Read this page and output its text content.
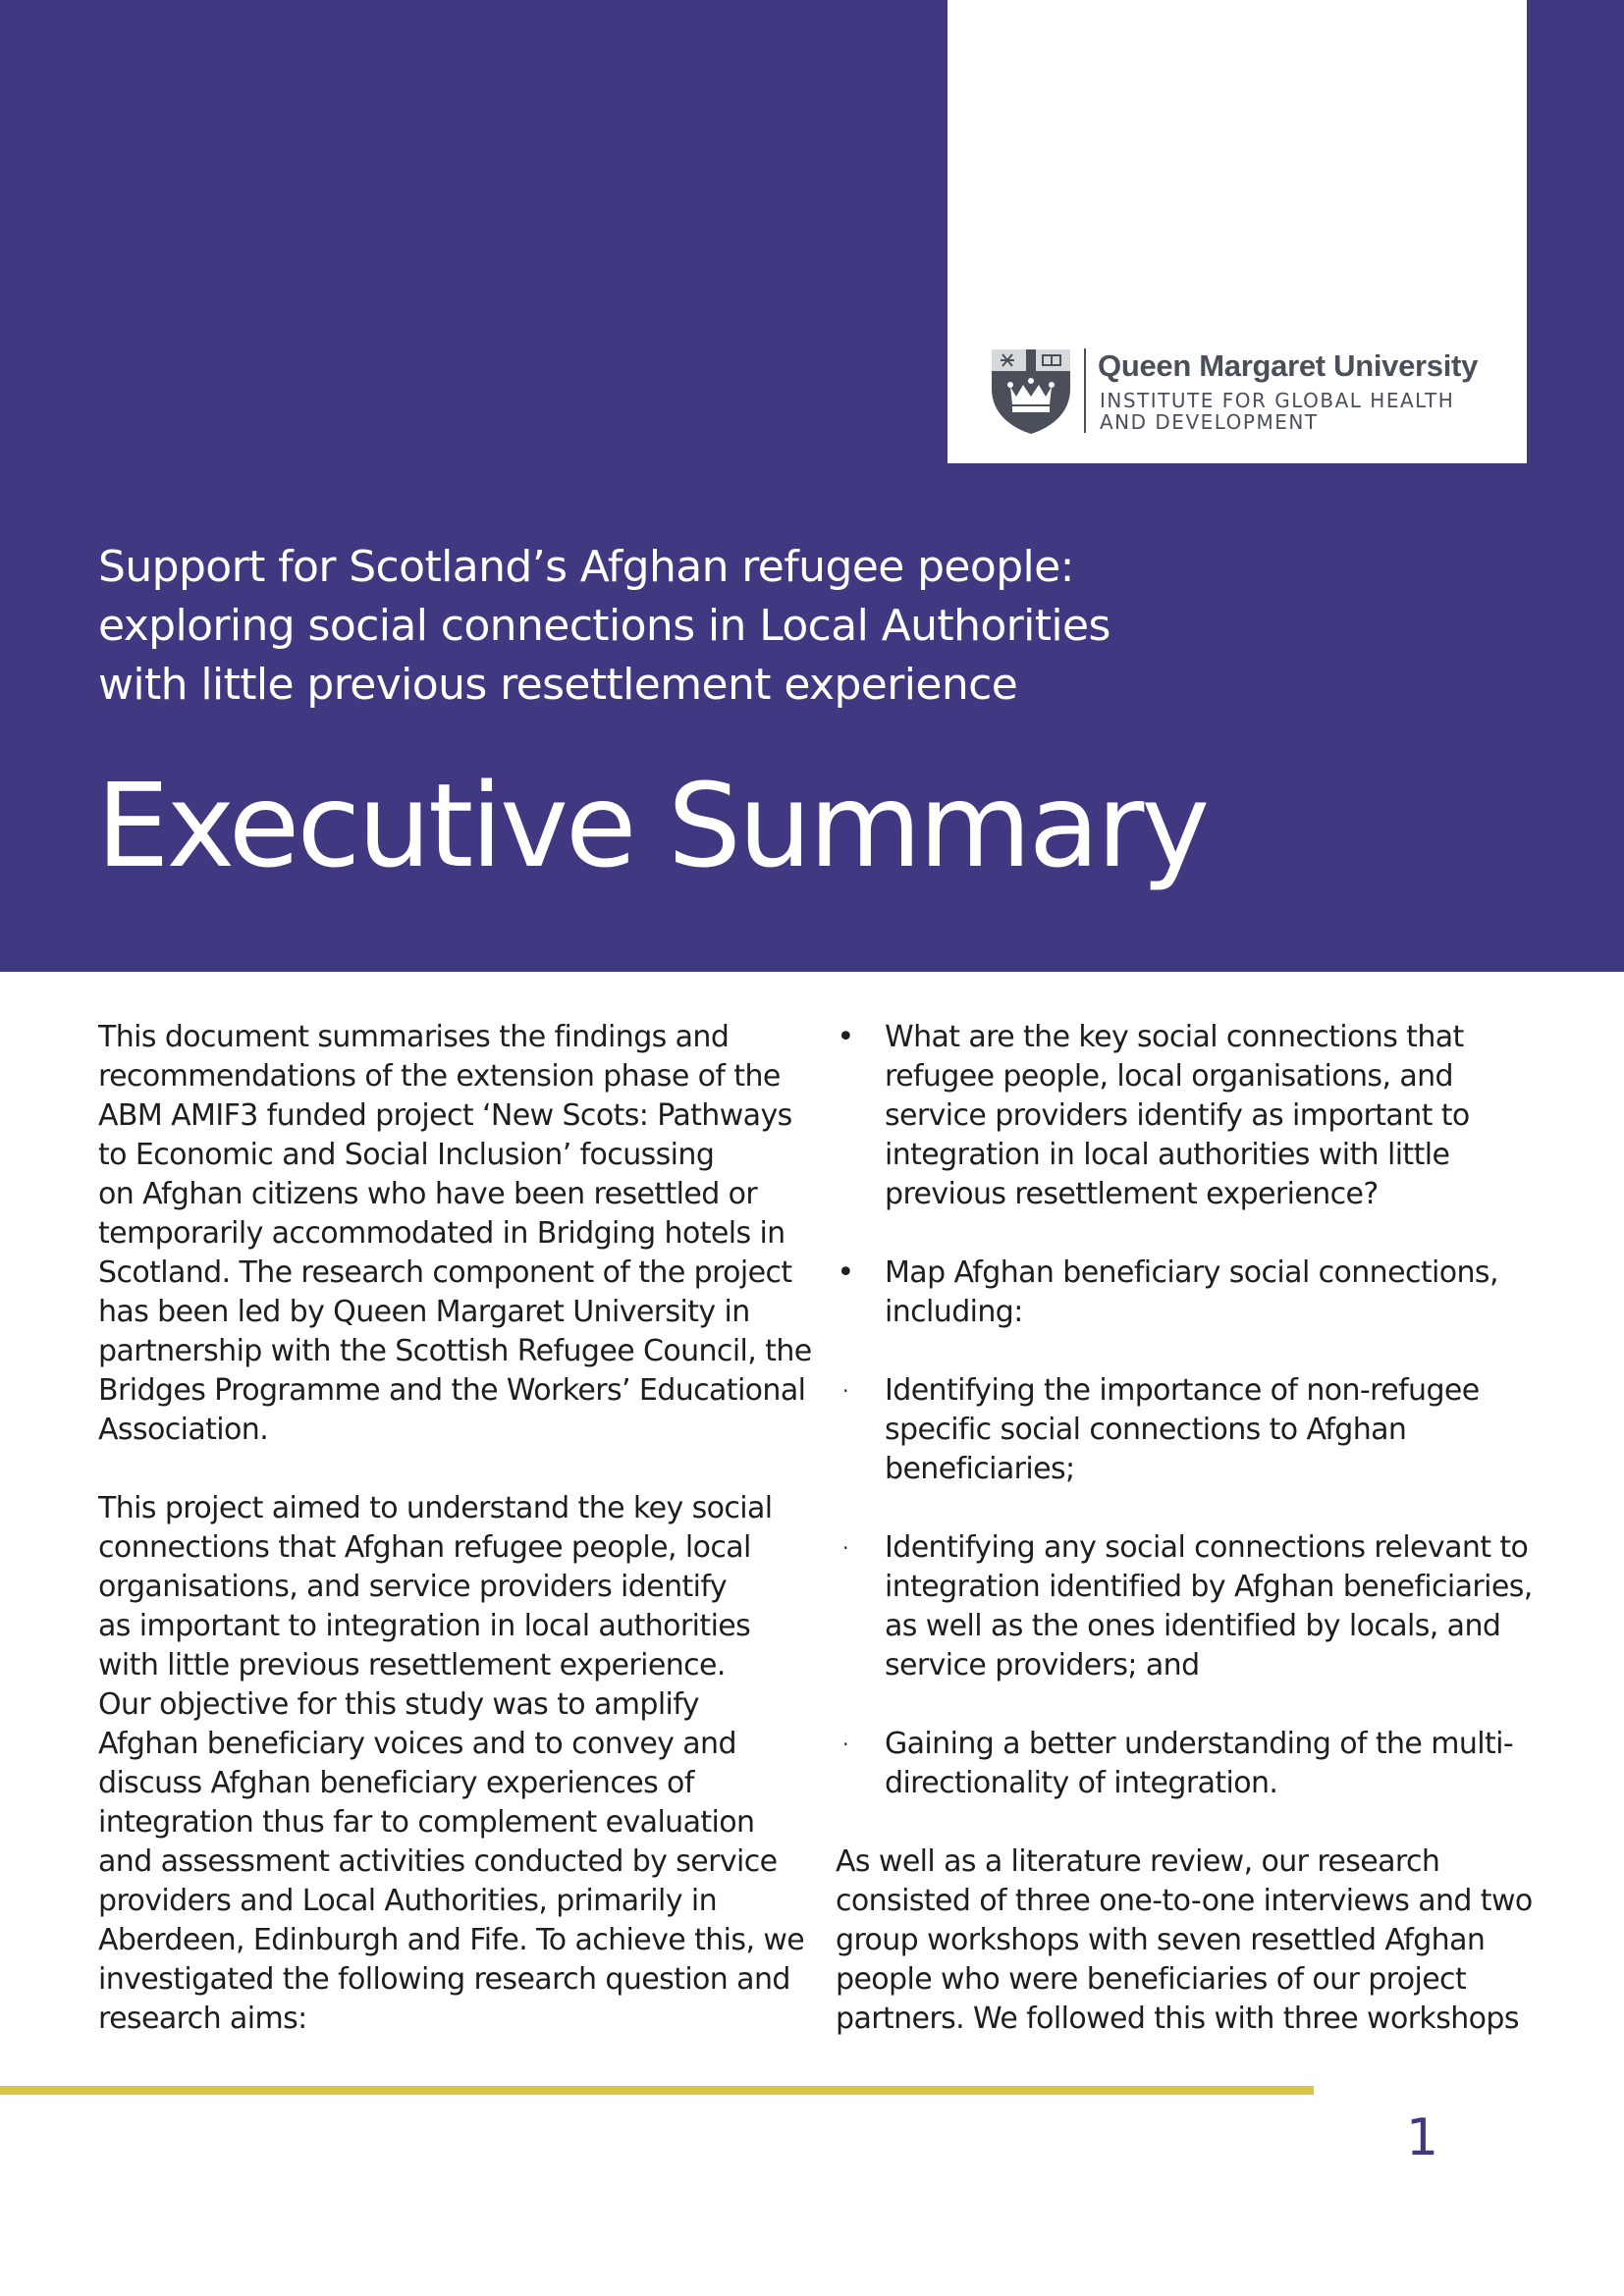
Queen Margaret University
INSTITUTE FOR GLOBAL HEALTH
AND DEVELOPMENT
Support for Scotland’s Afghan refugee people:
exploring social connections in Local Authorities
with little previous resettlement experience
Executive Summary

This document summarises the findings and
recommendations of the extension phase of the
ABM AMIF3 funded project ‘New Scots: Pathways
to Economic and Social Inclusion’ focussing
on Afghan citizens who have been resettled or
temporarily accommodated in Bridging hotels in
Scotland. The research component of the project
has been led by Queen Margaret University in
partnership with the Scottish Refugee Council, the
Bridges Programme and the Workers’ Educational
Association.

This project aimed to understand the key social
connections that Afghan refugee people, local
organisations, and service providers identify
as important to integration in local authorities
with little previous resettlement experience.
Our objective for this study was to amplify
Afghan beneficiary voices and to convey and
discuss Afghan beneficiary experiences of
integration thus far to complement evaluation
and assessment activities conducted by service
providers and Local Authorities, primarily in
Aberdeen, Edinburgh and Fife. To achieve this, we
investigated the following research question and
research aims:

• What are the key social connections that
refugee people, local organisations, and
service providers identify as important to
integration in local authorities with little
previous resettlement experience?
• Map Afghan beneficiary social connections,
including:
· Identifying the importance of non-refugee
specific social connections to Afghan
beneficiaries;
· Identifying any social connections relevant to
integration identified by Afghan beneficiaries,
as well as the ones identified by locals, and
service providers; and
· Gaining a better understanding of the multi-
directionality of integration.

As well as a literature review, our research
consisted of three one-to-one interviews and two
group workshops with seven resettled Afghan
people who were beneficiaries of our project
partners. We followed this with three workshops

1
